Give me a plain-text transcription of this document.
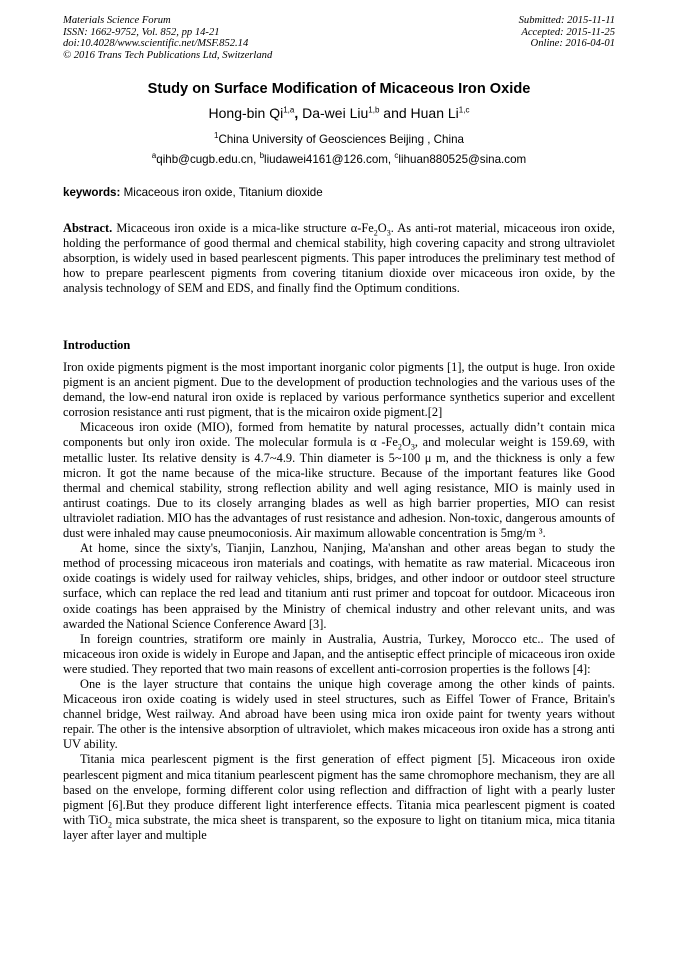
Materials Science Forum
ISSN: 1662-9752, Vol. 852, pp 14-21
doi:10.4028/www.scientific.net/MSF.852.14
© 2016 Trans Tech Publications Ltd, Switzerland
Submitted: 2015-11-11
Accepted: 2015-11-25
Online: 2016-04-01
Study on Surface Modification of Micaceous Iron Oxide
Hong-bin Qi$^{1,a}$, Da-wei Liu$^{1,b}$ and Huan Li$^{1,c}$
$^1$China University of Geosciences Beijing , China
$^a$qihb@cugb.edu.cn, $^b$liudawei4161@126.com, $^c$lihuan880525@sina.com
keywords: Micaceous iron oxide, Titanium dioxide
Abstract. Micaceous iron oxide is a mica-like structure $\alpha-Fe_2O_3$. As anti-rot material, micaceous iron oxide, holding the performance of good thermal and chemical stability, high covering capacity and strong ultraviolet absorption, is widely used in based pearlescent pigments. This paper introduces the preliminary test method of how to prepare pearlescent pigments from covering titanium dioxide over micaceous iron oxide, by the analysis technology of SEM and EDS, and finally find the Optimum conditions.
Introduction

Iron oxide pigments pigment is the most important inorganic color pigments [1], the output is huge. Iron oxide pigment is an ancient pigment. Due to the development of production technologies and the various uses of the demand, the low-end natural iron oxide is replaced by various performance synthetics superior and excellent corrosion resistance anti rust pigment, that is the micairon oxide pigment.[2]

Micaceous iron oxide (MIO), formed from hematite by natural processes, actually didn’t contain mica components but only iron oxide. The molecular formula is α $-Fe_2O_3$, and molecular weight is 159.69, with metallic luster. Its relative density is 4.7~4.9. Thin diameter is 5~100 μ m, and the thickness is only a few micron. It got the name because of the mica-like structure. Because of the important features like Good thermal and chemical stability, strong reflection ability and well aging resistance, MIO is mainly used in antirust coatings. Due to its closely arranging blades as well as high barrier properties, MIO can resist ultraviolet radiation. MIO has the advantages of rust resistance and adhesion. Non-toxic, dangerous amounts of dust were inhaled may cause pneumoconiosis. Air maximum allowable concentration is 5mg/m ³.

At home, since the sixty's, Tianjin, Lanzhou, Nanjing, Ma'anshan and other areas began to study the method of processing micaceous iron materials and coatings, with hematite as raw material. Micaceous iron oxide coatings is widely used for railway vehicles, ships, bridges, and other indoor or outdoor steel structure surface, which can replace the red lead and titanium anti rust primer and topcoat for outdoor. Micaceous iron oxide coatings has been appraised by the Ministry of chemical industry and other relevant units, and was awarded the National Science Conference Award [3].

In foreign countries, stratiform ore mainly in Australia, Austria, Turkey, Morocco etc.. The used of micaceous iron oxide is widely in Europe and Japan, and the antiseptic effect principle of micaceous iron oxide were studied. They reported that two main reasons of excellent anti-corrosion properties is the follows [4]:

One is the layer structure that contains the unique high coverage among the other kinds of paints. Micaceous iron oxide coating is widely used in steel structures, such as Eiffel Tower of France, Britain's channel bridge, West railway. And abroad have been using mica iron oxide paint for twenty years without repair. The other is the intensive absorption of ultraviolet, which makes micaceous iron oxide has a strong anti UV ability.

Titania mica pearlescent pigment is the first generation of effect pigment [5]. Micaceous iron oxide pearlescent pigment and mica titanium pearlescent pigment has the same chromophore mechanism, they are all based on the envelope, forming different color using reflection and diffraction of light with a pearly luster pigment [6].But they produce different light interference effects. Titania mica pearlescent pigment is coated with TiO$_2$ mica substrate, the mica sheet is transparent, so the exposure to light on titanium mica, mica titania layer after layer and multiple
